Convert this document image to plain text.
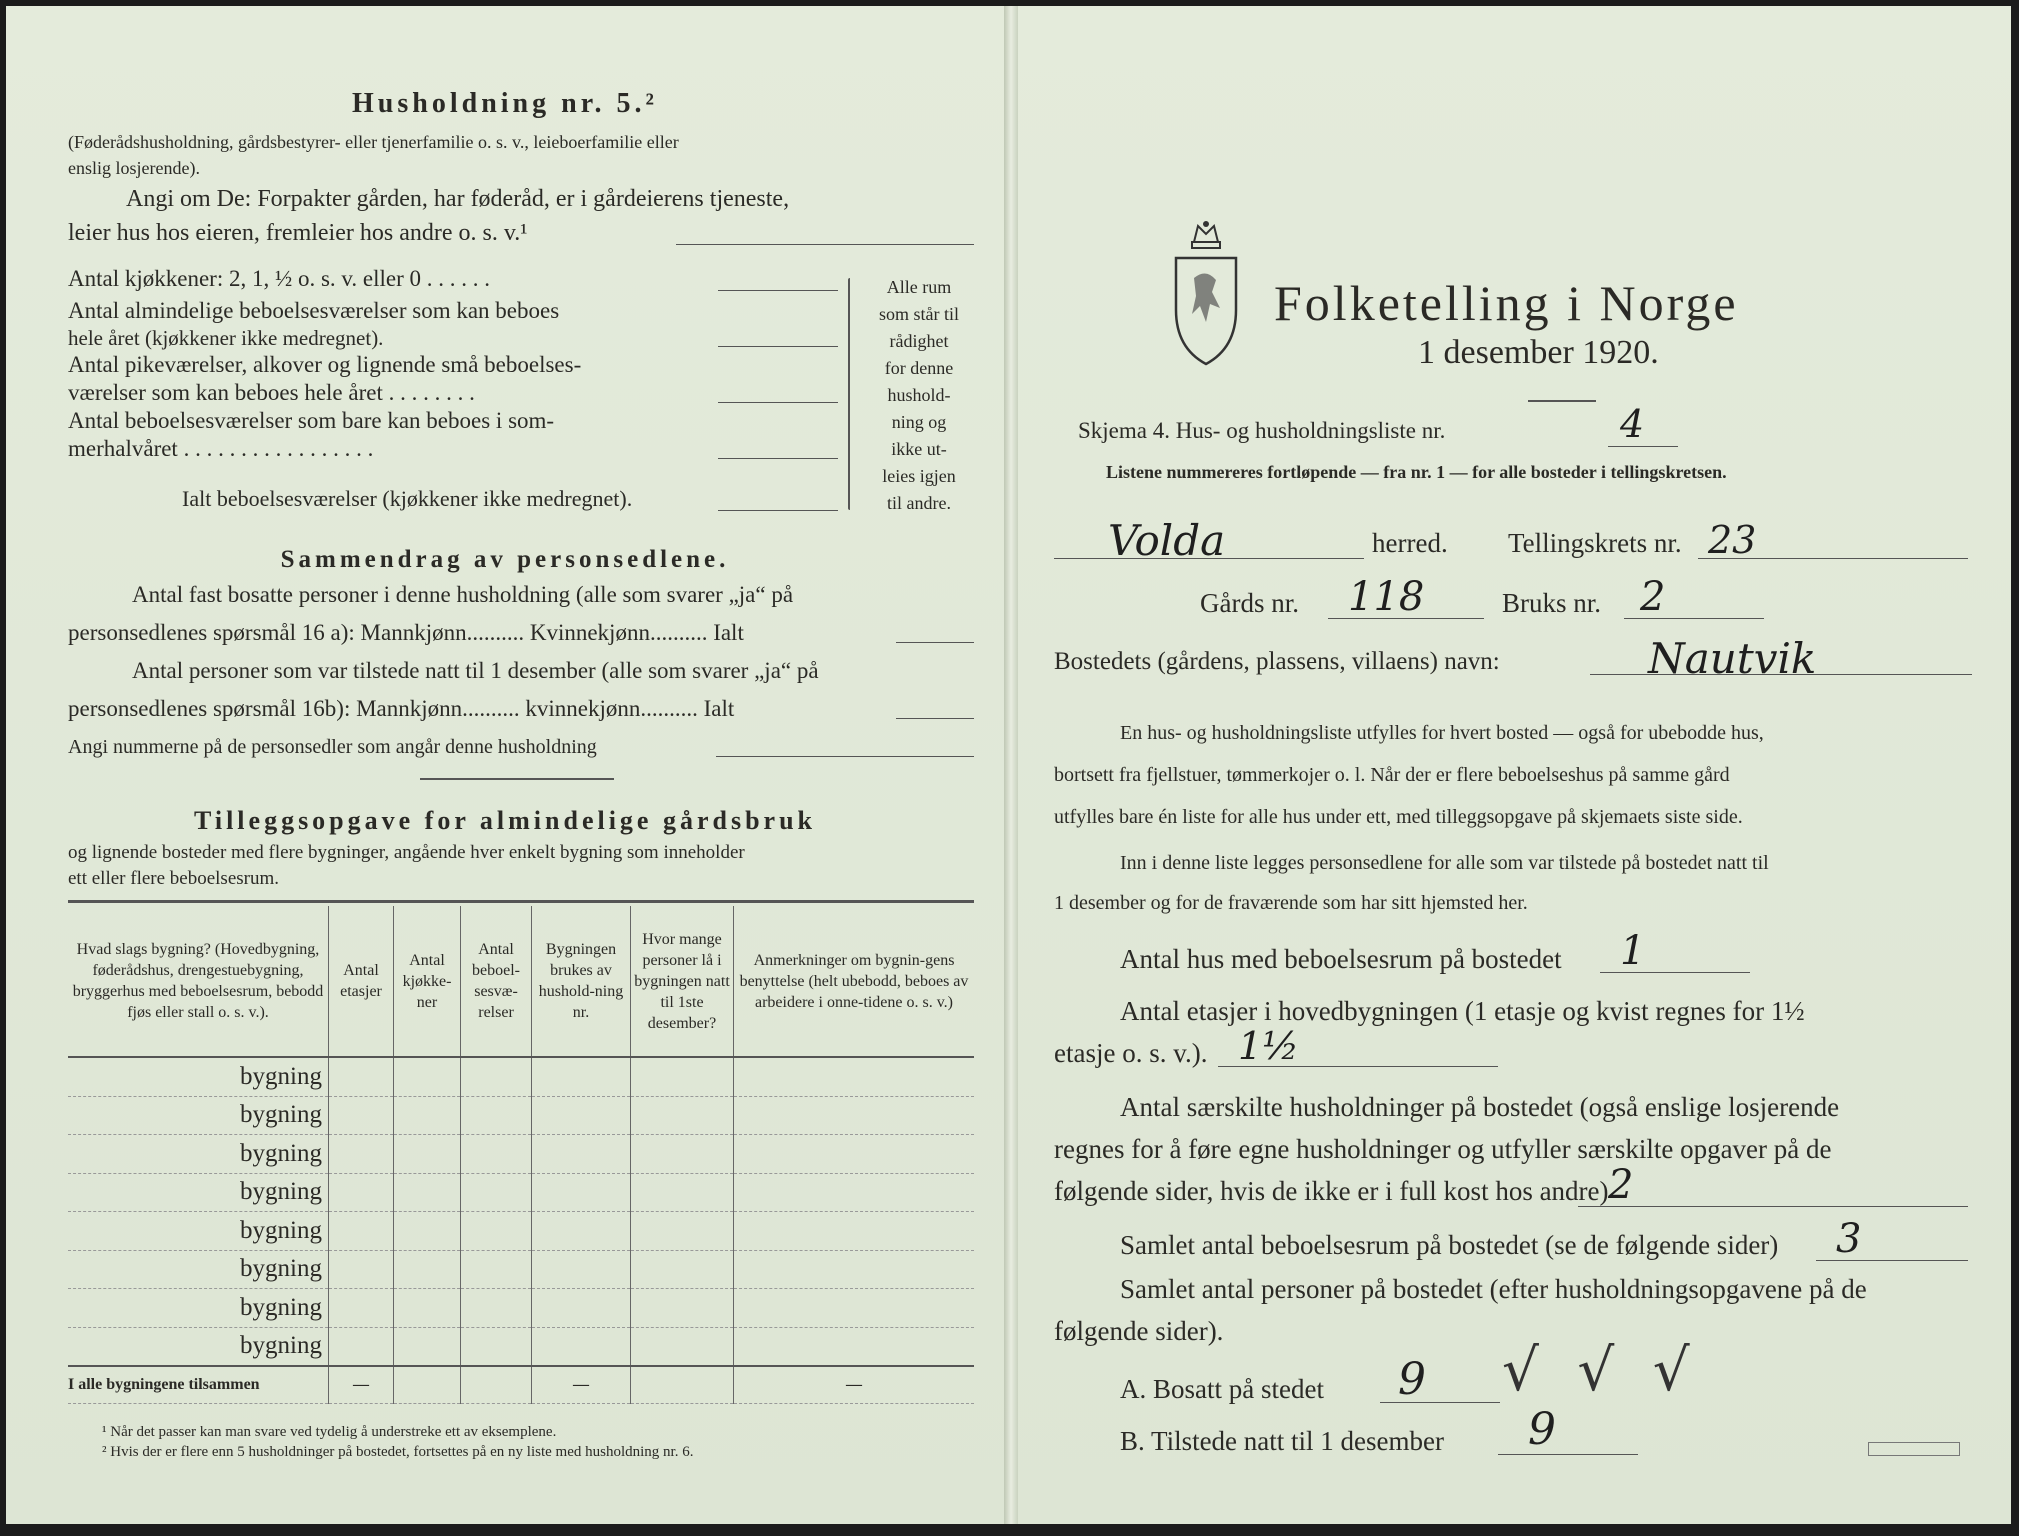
Husholdning nr. 5.²
(Føderådshusholdning, gårdsbestyrer- eller tjenerfamilie o. s. v., leieboerfamilie eller
enslig losjerende).
Angi om De: Forpakter gården, har føderåd, er i gårdeierens tjeneste,
leier hus hos eieren, fremleier hos andre o. s. v.¹
Antal kjøkkener: 2, 1, ½ o. s. v. eller 0 . . . . . .
Antal almindelige beboelsesværelser som kan beboes
hele året (kjøkkener ikke medregnet).
Antal pikeværelser, alkover og lignende små beboelses-
værelser som kan beboes hele året . . . . . . . .
Antal beboelsesværelser som bare kan beboes i som-
merhalvåret . . . . . . . . . . . . . . . . .
Ialt beboelsesværelser (kjøkkener ikke medregnet).
Alle rum
som står til
rådighet
for denne
hushold-
ning og
ikke ut-
leies igjen
til andre.
Sammendrag av personsedlene.
Antal fast bosatte personer i denne husholdning (alle som svarer „ja“ på
personsedlenes spørsmål 16 a): Mannkjønn.......... Kvinnekjønn.......... Ialt
Antal personer som var tilstede natt til 1 desember (alle som svarer „ja“ på
personsedlenes spørsmål 16b): Mannkjønn.......... kvinnekjønn.......... Ialt
Angi nummerne på de personsedler som angår denne husholdning
Tilleggsopgave for almindelige gårdsbruk
og lignende bosteder med flere bygninger, angående hver enkelt bygning som inneholder
ett eller flere beboelsesrum.
Hvad slags bygning? (Hovedbygning, føderådshus, drengestuebygning, bryggerhus med beboelsesrum, bebodd fjøs eller stall o. s. v.).	Antal etasjer	Antal kjøkke-ner	Antal beboel-sesvæ-relser	Bygningen brukes av hushold-ning nr.	Hvor mange personer lå i bygningen natt til 1ste desember?	Anmerkninger om bygnin-gens benyttelse (helt ubebodd, beboes av arbeidere i onne-tidene o. s. v.)
bygning						
bygning						
bygning						
bygning						
bygning						
bygning						
bygning						
bygning						
I alle bygningene tilsammen	—			—		—
¹ Når det passer kan man svare ved tydelig å understreke ett av eksemplene.
² Hvis der er flere enn 5 husholdninger på bostedet, fortsettes på en ny liste med husholdning nr. 6.
Folketelling i Norge
1 desember 1920.
Skjema 4. Hus- og husholdningsliste nr.	4
Listene nummereres fortløpende — fra nr. 1 — for alle bosteder i tellingskretsen.
Volda	herred. Tellingskrets nr. 23
Gårds nr. 118	Bruks nr. 2
Bostedets (gårdens, plassens, villaens) navn:	Nautvik
En hus- og husholdningsliste utfylles for hvert bosted — også for ubebodde hus,
bortsett fra fjellstuer, tømmerkojer o. l. Når der er flere beboelseshus på samme gård
utfylles bare én liste for alle hus under ett, med tilleggsopgave på skjemaets siste side.
Inn i denne liste legges personsedlene for alle som var tilstede på bostedet natt til
1 desember og for de fraværende som har sitt hjemsted her.
Antal hus med beboelsesrum på bostedet 1
Antal etasjer i hovedbygningen (1 etasje og kvist regnes for 1½
etasje o. s. v.). 1½
Antal særskilte husholdninger på bostedet (også enslige losjerende
regnes for å føre egne husholdninger og utfyller særskilte opgaver på de
følgende sider, hvis de ikke er i full kost hos andre) 2
Samlet antal beboelsesrum på bostedet (se de følgende sider) 3
Samlet antal personer på bostedet (efter husholdningsopgavene på de
følgende sider).
A. Bosatt på stedet 9 √ √ √
B. Tilstede natt til 1 desember 9
